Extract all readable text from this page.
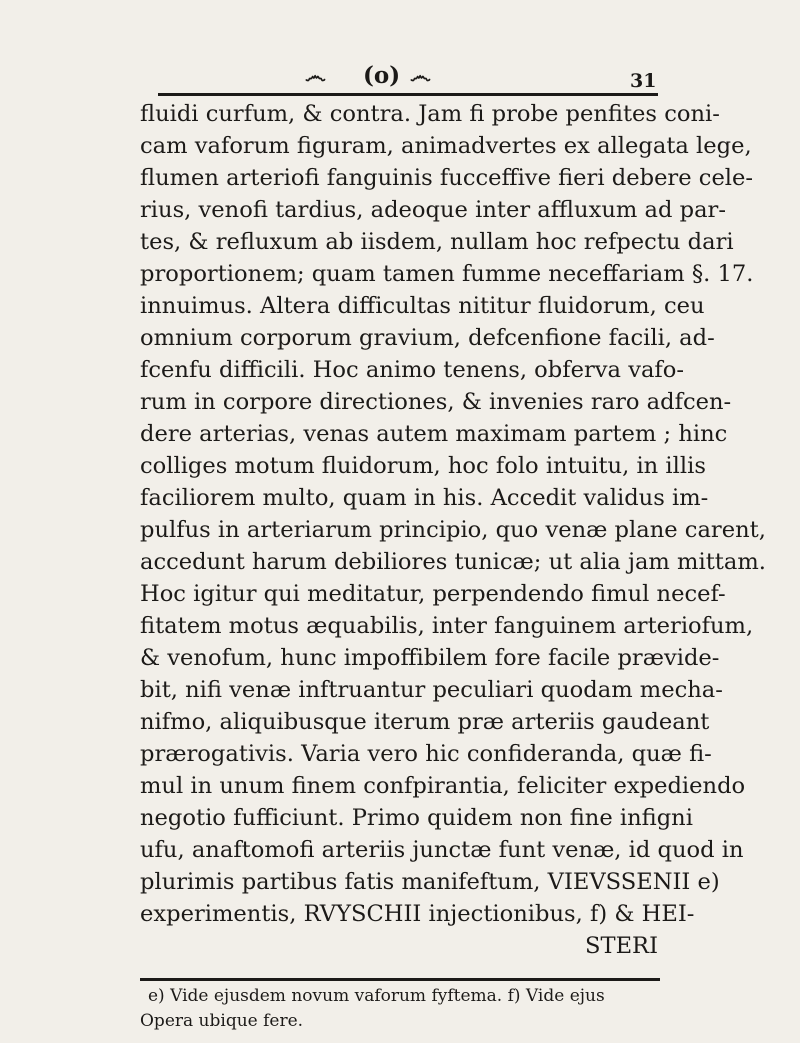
෴ (o) ෴	31
fluidi curfum, & contra. Jam fi probe penfites coni-
cam vaforum figuram, animadvertes ex allegata lege,
flumen arteriofi fanguinis fucceffive fieri debere cele-
rius, venofi tardius, adeoque inter affluxum ad par-
tes, & refluxum ab iisdem, nullam hoc refpectu dari
proportionem; quam tamen fumme neceffariam §. 17.
innuimus. Altera difficultas nititur fluidorum, ceu
omnium corporum gravium, defcenfione facili, ad-
fcenfu difficili. Hoc animo tenens, obferva vafo-
rum in corpore directiones, & invenies raro adfcen-
dere arterias, venas autem maximam partem ; hinc
colliges motum fluidorum, hoc folo intuitu, in illis
faciliorem multo, quam in his. Accedit validus im-
pulfus in arteriarum principio, quo venæ plane carent,
accedunt harum debiliores tunicæ; ut alia jam mittam.
Hoc igitur qui meditatur, perpendendo fimul necef-
fitatem motus æquabilis, inter fanguinem arteriofum,
& venofum, hunc impoffibilem fore facile prævide-
bit, nifi venæ inftruantur peculiari quodam mecha-
nifmo, aliquibusque iterum præ arteriis gaudeant
prærogativis. Varia vero hic confideranda, quæ fi-
mul in unum finem confpirantia, feliciter expediendo
negotio fufficiunt. Primo quidem non fine infigni
ufu, anaftomofi arteriis junctæ funt venæ, id quod in
plurimis partibus fatis manifeftum, VIEVSSENII e)
experimentis, RVYSCHII injectionibus, f) & HEI-
STERI
e) Vide ejusdem novum vaforum fyftema. f) Vide ejus
Opera ubique fere.
